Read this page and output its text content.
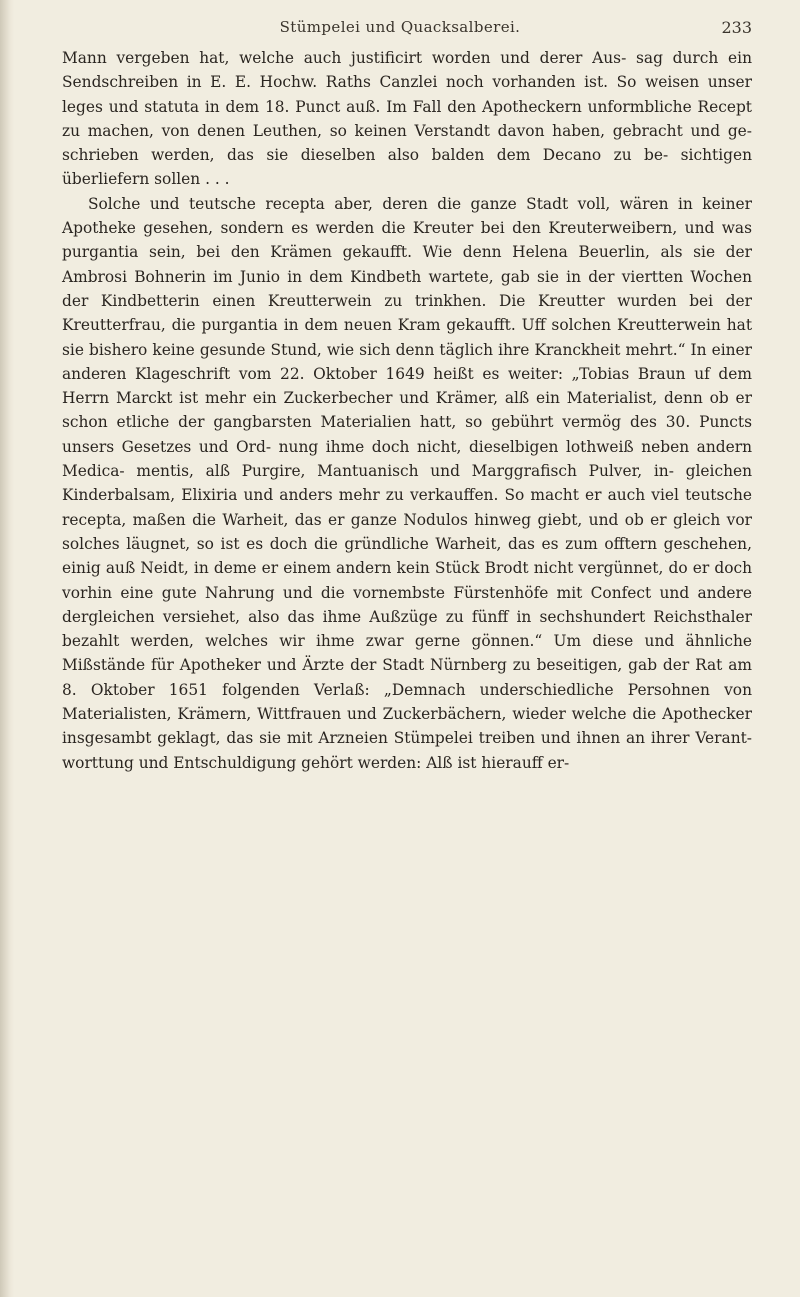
Stümpelei und Quacksalberei.	233

Mann vergeben hat, welche auch justificirt worden und derer Aus- sag durch ein Sendschreiben in E. E. Hochw. Raths Canzlei noch vorhanden ist. So weisen unser leges und statuta in dem 18. Punct auß. Im Fall den Apotheckern unformbliche Recept zu machen, von denen Leuthen, so keinen Verstandt davon haben, gebracht und ge- schrieben werden, das sie dieselben also balden dem Decano zu be- sichtigen überliefern sollen . . .

Solche und teutsche recepta aber, deren die ganze Stadt voll, wären in keiner Apotheke gesehen, sondern es werden die Kreuter bei den Kreuterweibern, und was purgantia sein, bei den Krämen gekaufft. Wie denn Helena Beuerlin, als sie der Ambrosi Bohnerin im Junio in dem Kindbeth wartete, gab sie in der viertten Wochen der Kindbetterin einen Kreutterwein zu trinkhen. Die Kreutter wurden bei der Kreutterfrau, die purgantia in dem neuen Kram gekaufft. Uff solchen Kreutterwein hat sie bishero keine gesunde Stund, wie sich denn täglich ihre Kranckheit mehrt.“ In einer anderen Klageschrift vom 22. Oktober 1649 heißt es weiter: „Tobias Braun uf dem Herrn Marckt ist mehr ein Zuckerbecher und Krämer, alß ein Materialist, denn ob er schon etliche der gangbarsten Materialien hatt, so gebührt vermög des 30. Puncts unsers Gesetzes und Ord- nung ihme doch nicht, dieselbigen lothweiß neben andern Medica- mentis, alß Purgire, Mantuanisch und Marggrafisch Pulver, in- gleichen Kinderbalsam, Elixiria und anders mehr zu verkauffen. So macht er auch viel teutsche recepta, maßen die Warheit, das er ganze Nodulos hinweg giebt, und ob er gleich vor solches läugnet, so ist es doch die gründliche Warheit, das es zum offtern geschehen, einig auß Neidt, in deme er einem andern kein Stück Brodt nicht vergünnet, do er doch vorhin eine gute Nahrung und die vornembste Fürstenhöfe mit Confect und andere dergleichen versiehet, also das ihme Außzüge zu fünff in sechshundert Reichsthaler bezahlt werden, welches wir ihme zwar gerne gönnen.“ Um diese und ähnliche Mißstände für Apotheker und Ärzte der Stadt Nürnberg zu beseitigen, gab der Rat am 8. Oktober 1651 folgenden Verlaß: „Demnach underschiedliche Persohnen von Materialisten, Krämern, Wittfrauen und Zuckerbächern, wieder welche die Apothecker insgesambt geklagt, das sie mit Arzneien Stümpelei treiben und ihnen an ihrer Verant- worttung und Entschuldigung gehört werden: Alß ist hierauff er-
